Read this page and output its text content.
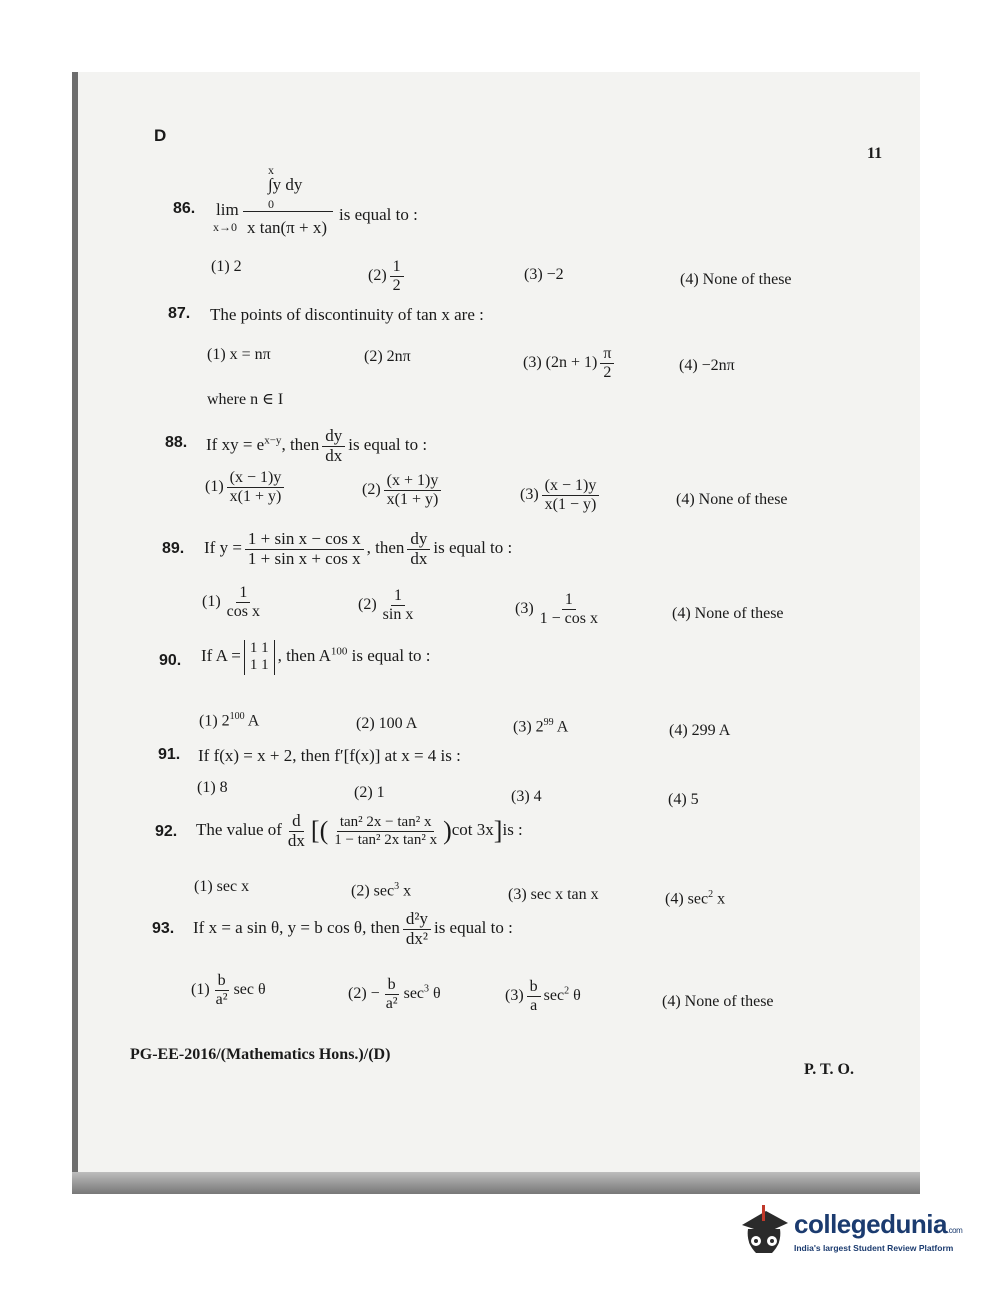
D
11
86.
x
∫y dy
0
lim
x→0 x tan(π + x)
is equal to :
(1) 2
$(2) \frac{1}{2}$	(3) −2	(4) None of these
87. The points of discontinuity of tan x are :
(1) x = nπ	(2) 2nπ	(3) $(2n + 1) \frac{\pi}{2}$	(4) −2nπ
where n ∈ I
88. If xy = $e^{x-y}$, then $\frac{dy}{dx}$ is equal to :
$(1) \frac{(x - 1)y}{x(1 + y)}$	$(2) \frac{(x + 1)y}{x(1 + y)}$	$(3) \frac{(x - 1)y}{x(1 - y)}$	(4) None of these
89. If $y = \frac{\text{1 + sin x − cos x}}{\text{1 + sin x + cos x}}$ , then $\frac{dy}{dx}$ is equal to :
$(1) \frac{1}{\text{cos x}}$	$(2) \frac{1}{\text{sin x}}$	$(3) \frac{1}{\text{1 − cos x}}$	(4) None of these
90. If A = 1 1
1 1, then $A^{100}$ is equal to :
(1) $2^{100}$ A	(2) 100 A	(3) $2^{99}$ A	(4) 299 A
91. If f(x) = x + 2, then f′[f(x)] at x = 4 is :
(1) 8	(2) 1	(3) 4	(4) 5
92. The value of $\frac{d}{dx}$ [( $\frac{\text{tan² 2x − tan² x}}{\text{1 − tan² 2x tan² x}} )\cot$ 3x]is :
(1) sec x	(2) $\sec^3 x$	(3) sec x tan x	(4) $\sec^2 x$
93. If x = a sin θ, y = b cos θ, then $\frac{\text{d²y}}{\text{dx²}}$ is equal to :
$(1) \frac{b}{\text{a²}}$ sec θ	$(2) - \frac{b}{\text{a²}} \sec^3 \theta$	$(3) \frac{b}{a} \sec^2 \theta$	(4) None of these
PG-EE-2016/(Mathematics Hons.)/(D)
P. T. O.
collegedunia.com
India's largest Student Review Platform
